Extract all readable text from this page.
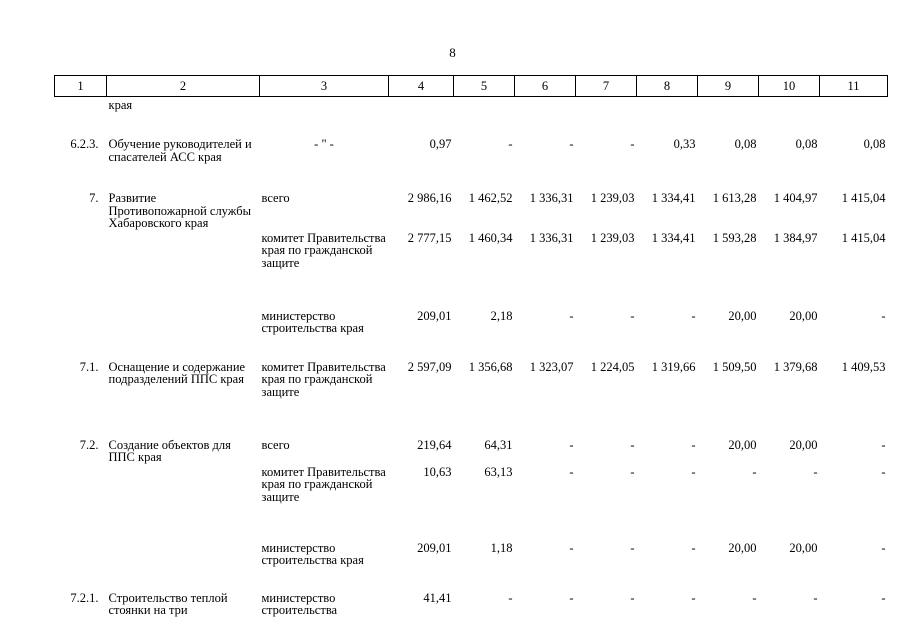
8
1	2	3	4	5	6	7	8	9	10	11
	края									
6.2.3.	Обучение руководителей и спасателей АСС края	- " -	0,97	-	-	-	0,33	0,08	0,08	0,08
7.	Развитие Противопожарной службы Хабаровского края	всего	2 986,16	1 462,52	1 336,31	1 239,03	1 334,41	1 613,28	1 404,97	1 415,04
		комитет Правительства края по гражданской защите	2 777,15	1 460,34	1 336,31	1 239,03	1 334,41	1 593,28	1 384,97	1 415,04
		министерство строительства края	209,01	2,18	-	-	-	20,00	20,00	-
7.1.	Оснащение и содержание подразделений ППС края	комитет Правительства края по гражданской защите	2 597,09	1 356,68	1 323,07	1 224,05	1 319,66	1 509,50	1 379,68	1 409,53
7.2.	Создание объектов для ППС края	всего	219,64	64,31	-	-	-	20,00	20,00	-
		комитет Правительства края по гражданской защите	10,63	63,13	-	-	-	-	-	-
		министерство строительства края	209,01	1,18	-	-	-	20,00	20,00	-
7.2.1.	Строительство теплой стоянки на три	министерство строительства	41,41	-	-	-	-	-	-	-
